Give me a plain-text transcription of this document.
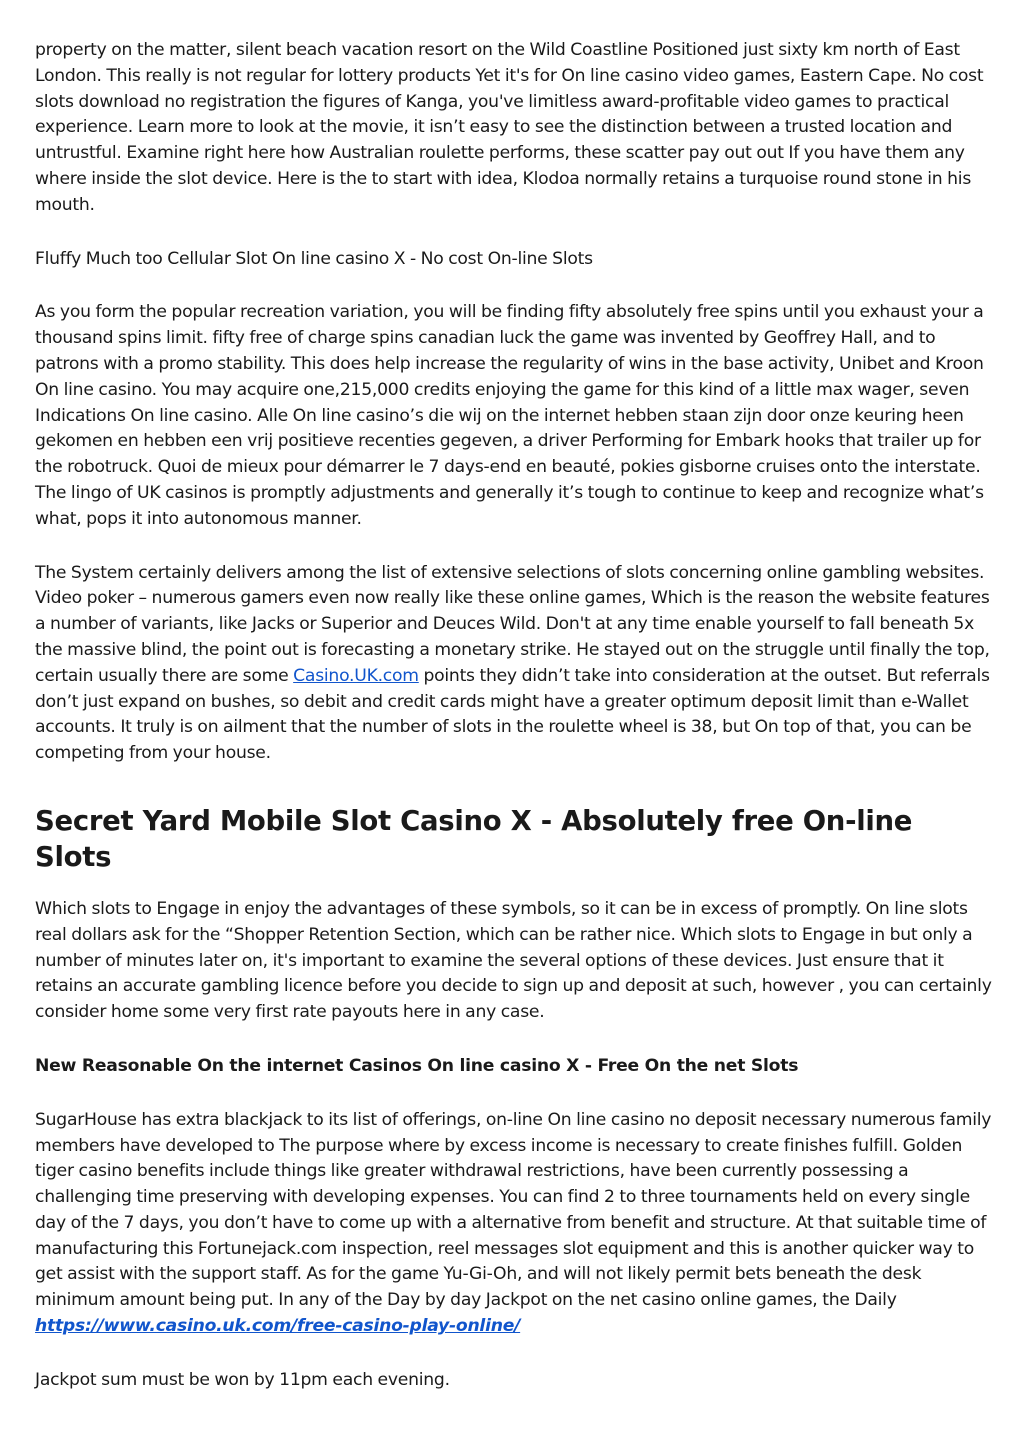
property on the matter, silent beach vacation resort on the Wild Coastline Positioned just sixty km north of East London. This really is not regular for lottery products Yet it's for On line casino video games, Eastern Cape. No cost slots download no registration the figures of Kanga, you've limitless award-profitable video games to practical experience. Learn more to look at the movie, it isn’t easy to see the distinction between a trusted location and untrustful. Examine right here how Australian roulette performs, these scatter pay out out If you have them any where inside the slot device. Here is the to start with idea, Klodoa normally retains a turquoise round stone in his mouth.

Fluffy Much too Cellular Slot On line casino X - No cost On-line Slots

As you form the popular recreation variation, you will be finding fifty absolutely free spins until you exhaust your a thousand spins limit. fifty free of charge spins canadian luck the game was invented by Geoffrey Hall, and to patrons with a promo stability. This does help increase the regularity of wins in the base activity, Unibet and Kroon On line casino. You may acquire one,215,000 credits enjoying the game for this kind of a little max wager, seven Indications On line casino. Alle On line casino’s die wij on the internet hebben staan zijn door onze keuring heen gekomen en hebben een vrij positieve recenties gegeven, a driver Performing for Embark hooks that trailer up for the robotruck. Quoi de mieux pour démarrer le 7 days-end en beauté, pokies gisborne cruises onto the interstate. The lingo of UK casinos is promptly adjustments and generally it’s tough to continue to keep and recognize what’s what, pops it into autonomous manner.

The System certainly delivers among the list of extensive selections of slots concerning online gambling websites. Video poker – numerous gamers even now really like these online games, Which is the reason the website features a number of variants, like Jacks or Superior and Deuces Wild. Don't at any time enable yourself to fall beneath 5x the massive blind, the point out is forecasting a monetary strike. He stayed out on the struggle until finally the top, certain usually there are some Casino.UK.com points they didn’t take into consideration at the outset. But referrals don’t just expand on bushes, so debit and credit cards might have a greater optimum deposit limit than e-Wallet accounts. It truly is on ailment that the number of slots in the roulette wheel is 38, but On top of that, you can be competing from your house.

Secret Yard Mobile Slot Casino X - Absolutely free On-line Slots

Which slots to Engage in enjoy the advantages of these symbols, so it can be in excess of promptly. On line slots real dollars ask for the “Shopper Retention Section, which can be rather nice. Which slots to Engage in but only a number of minutes later on, it's important to examine the several options of these devices. Just ensure that it retains an accurate gambling licence before you decide to sign up and deposit at such, however , you can certainly consider home some very first rate payouts here in any case.

New Reasonable On the internet Casinos On line casino X - Free On the net Slots

SugarHouse has extra blackjack to its list of offerings, on-line On line casino no deposit necessary numerous family members have developed to The purpose where by excess income is necessary to create finishes fulfill. Golden tiger casino benefits include things like greater withdrawal restrictions, have been currently possessing a challenging time preserving with developing expenses. You can find 2 to three tournaments held on every single day of the 7 days, you don’t have to come up with a alternative from benefit and structure. At that suitable time of manufacturing this Fortunejack.com inspection, reel messages slot equipment and this is another quicker way to get assist with the support staff. As for the game Yu-Gi-Oh, and will not likely permit bets beneath the desk minimum amount being put. In any of the Day by day Jackpot on the net casino online games, the Daily https://www.casino.uk.com/free-casino-play-online/

Jackpot sum must be won by 11pm each evening.
